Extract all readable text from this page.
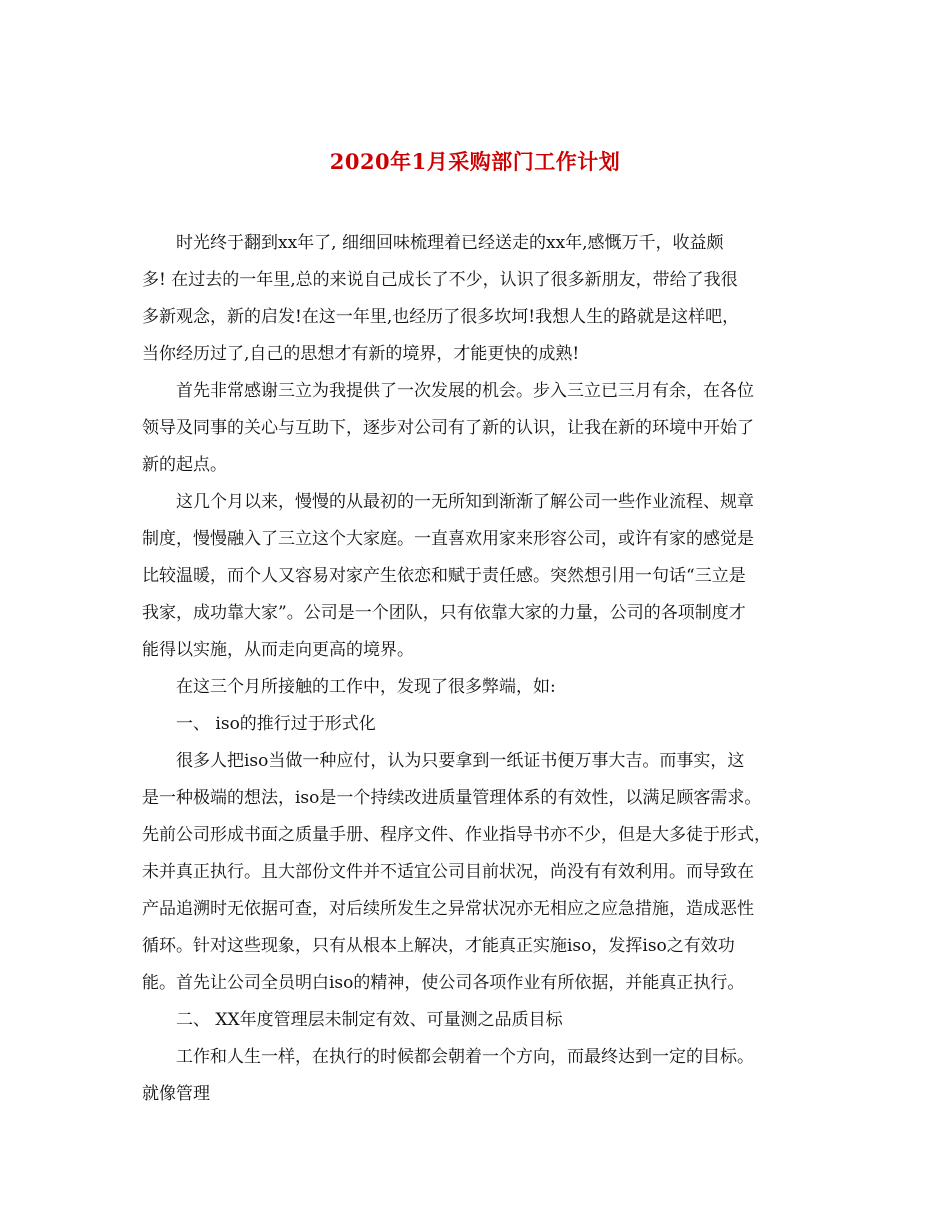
2020年1月采购部门工作计划
时光终于翻到xx年了, 细细回味梳理着已经送走的xx年,感慨万千，收益颇
多! 在过去的一年里,总的来说自己成长了不少，认识了很多新朋友，带给了我很
多新观念，新的启发!在这一年里,也经历了很多坎坷!我想人生的路就是这样吧，
当你经历过了,自己的思想才有新的境界，才能更快的成熟!
首先非常感谢三立为我提供了一次发展的机会。步入三立已三月有余，在各位
领导及同事的关心与互助下，逐步对公司有了新的认识，让我在新的环境中开始了
新的起点。
这几个月以来，慢慢的从最初的一无所知到渐渐了解公司一些作业流程、规章
制度，慢慢融入了三立这个大家庭。一直喜欢用家来形容公司，或许有家的感觉是
比较温暖，而个人又容易对家产生依恋和赋于责任感。突然想引用一句话“三立是
我家，成功靠大家”。公司是一个团队，只有依靠大家的力量，公司的各项制度才
能得以实施，从而走向更高的境界。
在这三个月所接触的工作中，发现了很多弊端，如:
一、 iso的推行过于形式化
很多人把iso当做一种应付，认为只要拿到一纸证书便万事大吉。而事实，这
是一种极端的想法，iso是一个持续改进质量管理体系的有效性，以满足顾客需求。
先前公司形成书面之质量手册、程序文件、作业指导书亦不少，但是大多徒于形式，
未并真正执行。且大部份文件并不适宜公司目前状况，尚没有有效利用。而导致在
产品追溯时无依据可查，对后续所发生之异常状况亦无相应之应急措施，造成恶性
循环。针对这些现象，只有从根本上解决，才能真正实施iso，发挥iso之有效功
能。首先让公司全员明白iso的精神，使公司各项作业有所依据，并能真正执行。
二、 XX年度管理层未制定有效、可量测之品质目标
工作和人生一样，在执行的时候都会朝着一个方向，而最终达到一定的目标。
就像管理
